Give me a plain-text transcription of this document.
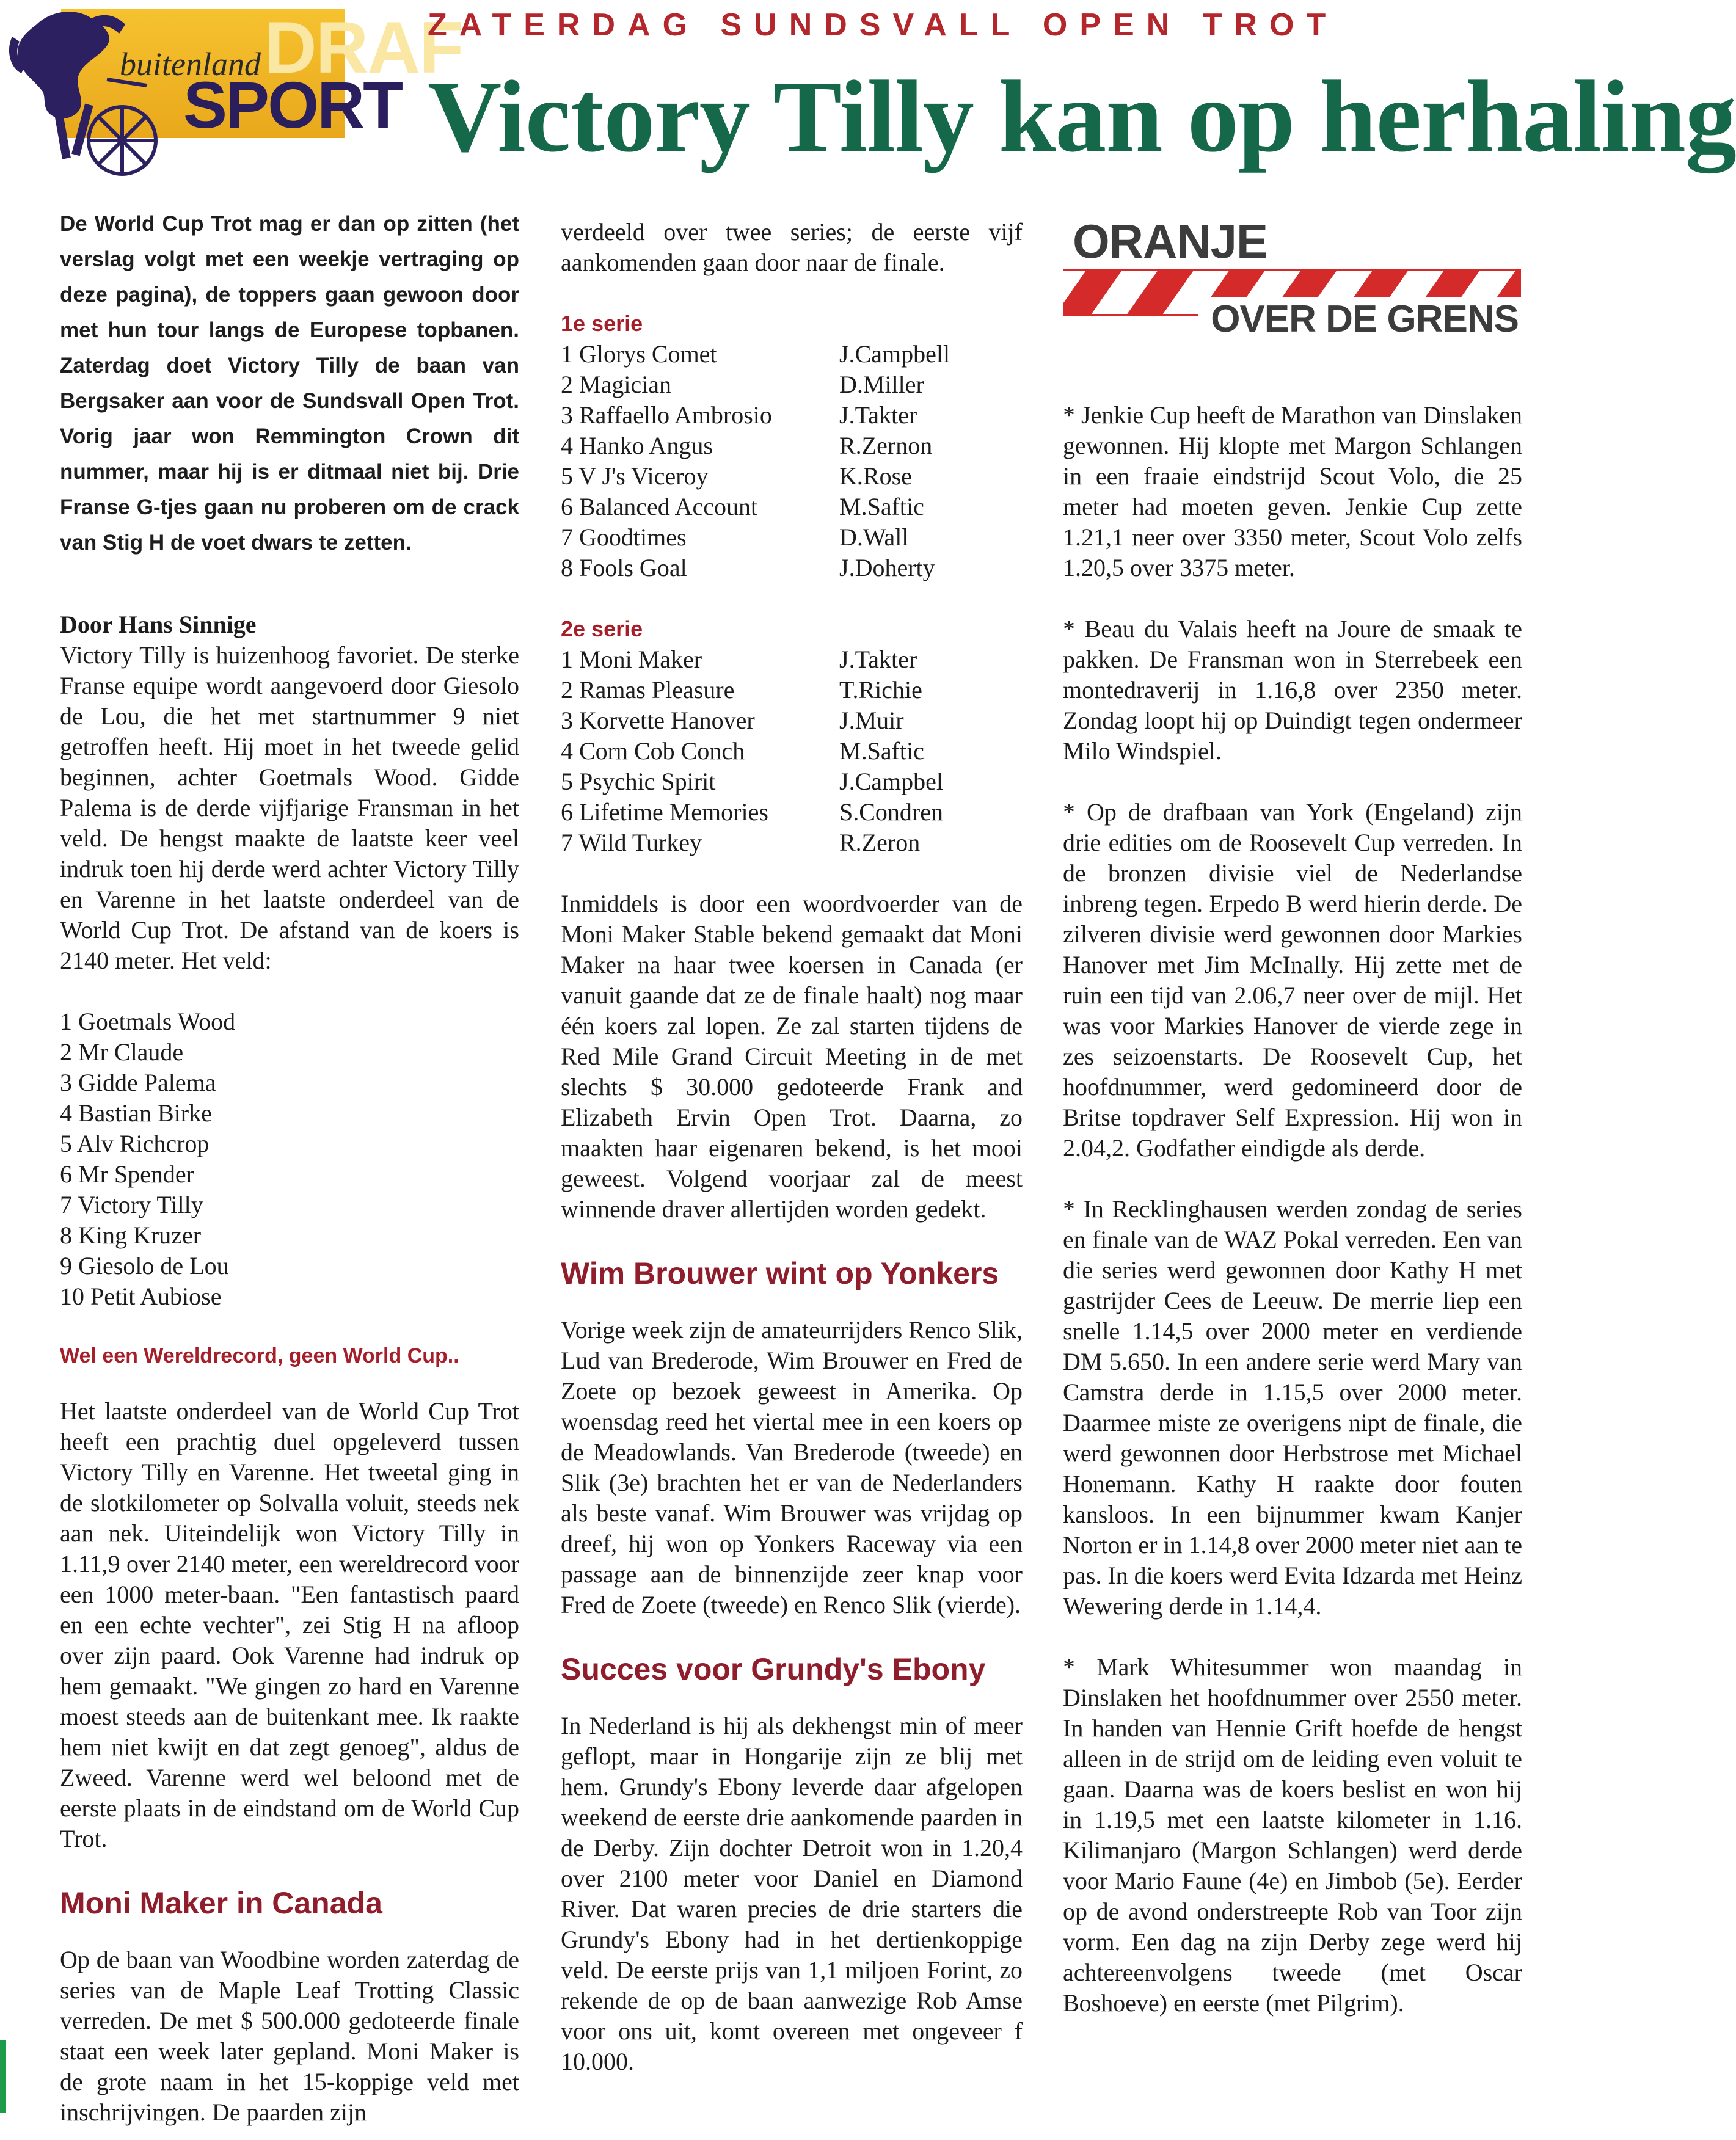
DRAF
buitenland
SPORT
ZATERDAG SUNDSVALL OPEN TROT
Victory Tilly kan op herhaling

De World Cup Trot mag er dan op zitten (het verslag volgt met een weekje vertraging op deze pagina), de toppers gaan gewoon door met hun tour langs de Europese topbanen. Zaterdag doet Victory Tilly de baan van Bergsaker aan voor de Sundsvall Open Trot. Vorig jaar won Remmington Crown dit nummer, maar hij is er ditmaal niet bij. Drie Franse G-tjes gaan nu proberen om de crack van Stig H de voet dwars te zetten.

Door Hans Sinnige

Victory Tilly is huizenhoog favoriet. De sterke Franse equipe wordt aangevoerd door Giesolo de Lou, die het met startnummer 9 niet getroffen heeft. Hij moet in het tweede gelid beginnen, achter Goetmals Wood. Gidde Palema is de derde vijfjarige Fransman in het veld. De hengst maakte de laatste keer veel indruk toen hij derde werd achter Victory Tilly en Varenne in het laatste onderdeel van de World Cup Trot. De afstand van de koers is 2140 meter. Het veld:

1 Goetmals Wood
2 Mr Claude
3 Gidde Palema
4 Bastian Birke
5 Alv Richcrop
6 Mr Spender
7 Victory Tilly
8 King Kruzer
9 Giesolo de Lou
10 Petit Aubiose
Wel een Wereldrecord, geen World Cup..

Het laatste onderdeel van de World Cup Trot heeft een prachtig duel opgeleverd tussen Victory Tilly en Varenne. Het tweetal ging in de slotkilometer op Solvalla voluit, steeds nek aan nek. Uiteindelijk won Victory Tilly in 1.11,9 over 2140 meter, een wereldrecord voor een 1000 meter-baan. "Een fantastisch paard en een echte vechter", zei Stig H na afloop over zijn paard. Ook Varenne had indruk op hem gemaakt. "We gingen zo hard en Varenne moest steeds aan de buitenkant mee. Ik raakte hem niet kwijt en dat zegt genoeg", aldus de Zweed. Varenne werd wel beloond met de eerste plaats in de eindstand om de World Cup Trot.

Moni Maker in Canada

Op de baan van Woodbine worden zaterdag de series van de Maple Leaf Trotting Classic verreden. De met $ 500.000 gedoteerde finale staat een week later gepland. Moni Maker is de grote naam in het 15-koppige veld met inschrijvingen. De paarden zijn

verdeeld over twee series; de eerste vijf aankomenden gaan door naar de finale.

1e serie
1 Glorys Comet	J.Campbell
2 Magician	D.Miller
3 Raffaello Ambrosio	J.Takter
4 Hanko Angus	R.Zernon
5 V J's Viceroy	K.Rose
6 Balanced Account	M.Saftic
7 Goodtimes	D.Wall
8 Fools Goal	J.Doherty
2e serie
1 Moni Maker	J.Takter
2 Ramas Pleasure	T.Richie
3 Korvette Hanover	J.Muir
4 Corn Cob Conch	M.Saftic
5 Psychic Spirit	J.Campbel
6 Lifetime Memories	S.Condren
7 Wild Turkey	R.Zeron

Inmiddels is door een woordvoerder van de Moni Maker Stable bekend gemaakt dat Moni Maker na haar twee koersen in Canada (er vanuit gaande dat ze de finale haalt) nog maar één koers zal lopen. Ze zal starten tijdens de Red Mile Grand Circuit Meeting in de met slechts $ 30.000 gedoteerde Frank and Elizabeth Ervin Open Trot. Daarna, zo maakten haar eigenaren bekend, is het mooi geweest. Volgend voorjaar zal de meest winnende draver allertijden worden gedekt.

Wim Brouwer wint op Yonkers

Vorige week zijn de amateurrijders Renco Slik, Lud van Brederode, Wim Brouwer en Fred de Zoete op bezoek geweest in Amerika. Op woensdag reed het viertal mee in een koers op de Meadowlands. Van Brederode (tweede) en Slik (3e) brachten het er van de Nederlanders als beste vanaf. Wim Brouwer was vrijdag op dreef, hij won op Yonkers Raceway via een passage aan de binnenzijde zeer knap voor Fred de Zoete (tweede) en Renco Slik (vierde).

Succes voor Grundy's Ebony

In Nederland is hij als dekhengst min of meer geflopt, maar in Hongarije zijn ze blij met hem. Grundy's Ebony leverde daar afgelopen weekend de eerste drie aankomende paarden in de Derby. Zijn dochter Detroit won in 1.20,4 over 2100 meter voor Daniel en Diamond River. Dat waren precies de drie starters die Grundy's Ebony had in het dertienkoppige veld. De eerste prijs van 1,1 miljoen Forint, zo rekende de op de baan aanwezige Rob Amse voor ons uit, komt overeen met ongeveer f 10.000.

ORANJE
OVER DE GRENS

* Jenkie Cup heeft de Marathon van Dinslaken gewonnen. Hij klopte met Margon Schlangen in een fraaie eindstrijd Scout Volo, die 25 meter had moeten geven. Jenkie Cup zette 1.21,1 neer over 3350 meter, Scout Volo zelfs 1.20,5 over 3375 meter.

* Beau du Valais heeft na Joure de smaak te pakken. De Fransman won in Sterrebeek een montedraverij in 1.16,8 over 2350 meter. Zondag loopt hij op Duindigt tegen ondermeer Milo Windspiel.

* Op de drafbaan van York (Engeland) zijn drie edities om de Roosevelt Cup verreden. In de bronzen divisie viel de Nederlandse inbreng tegen. Erpedo B werd hierin derde. De zilveren divisie werd gewonnen door Markies Hanover met Jim McInally. Hij zette met de ruin een tijd van 2.06,7 neer over de mijl. Het was voor Markies Hanover de vierde zege in zes seizoenstarts. De Roosevelt Cup, het hoofdnummer, werd gedomineerd door de Britse topdraver Self Expression. Hij won in 2.04,2. Godfather eindigde als derde.

* In Recklinghausen werden zondag de series en finale van de WAZ Pokal verreden. Een van die series werd gewonnen door Kathy H met gastrijder Cees de Leeuw. De merrie liep een snelle 1.14,5 over 2000 meter en verdiende DM 5.650. In een andere serie werd Mary van Camstra derde in 1.15,5 over 2000 meter. Daarmee miste ze overigens nipt de finale, die werd gewonnen door Herbstrose met Michael Honemann. Kathy H raakte door fouten kansloos. In een bijnummer kwam Kanjer Norton er in 1.14,8 over 2000 meter niet aan te pas. In die koers werd Evita Idzarda met Heinz Wewering derde in 1.14,4.

* Mark Whitesummer won maandag in Dinslaken het hoofdnummer over 2550 meter. In handen van Hennie Grift hoefde de hengst alleen in de strijd om de leiding even voluit te gaan. Daarna was de koers beslist en won hij in 1.19,5 met een laatste kilometer in 1.16. Kilimanjaro (Margon Schlangen) werd derde voor Mario Faune (4e) en Jimbob (5e). Eerder op de avond onderstreepte Rob van Toor zijn vorm. Een dag na zijn Derby zege werd hij achtereenvolgens tweede (met Oscar Boshoeve) en eerste (met Pilgrim).
